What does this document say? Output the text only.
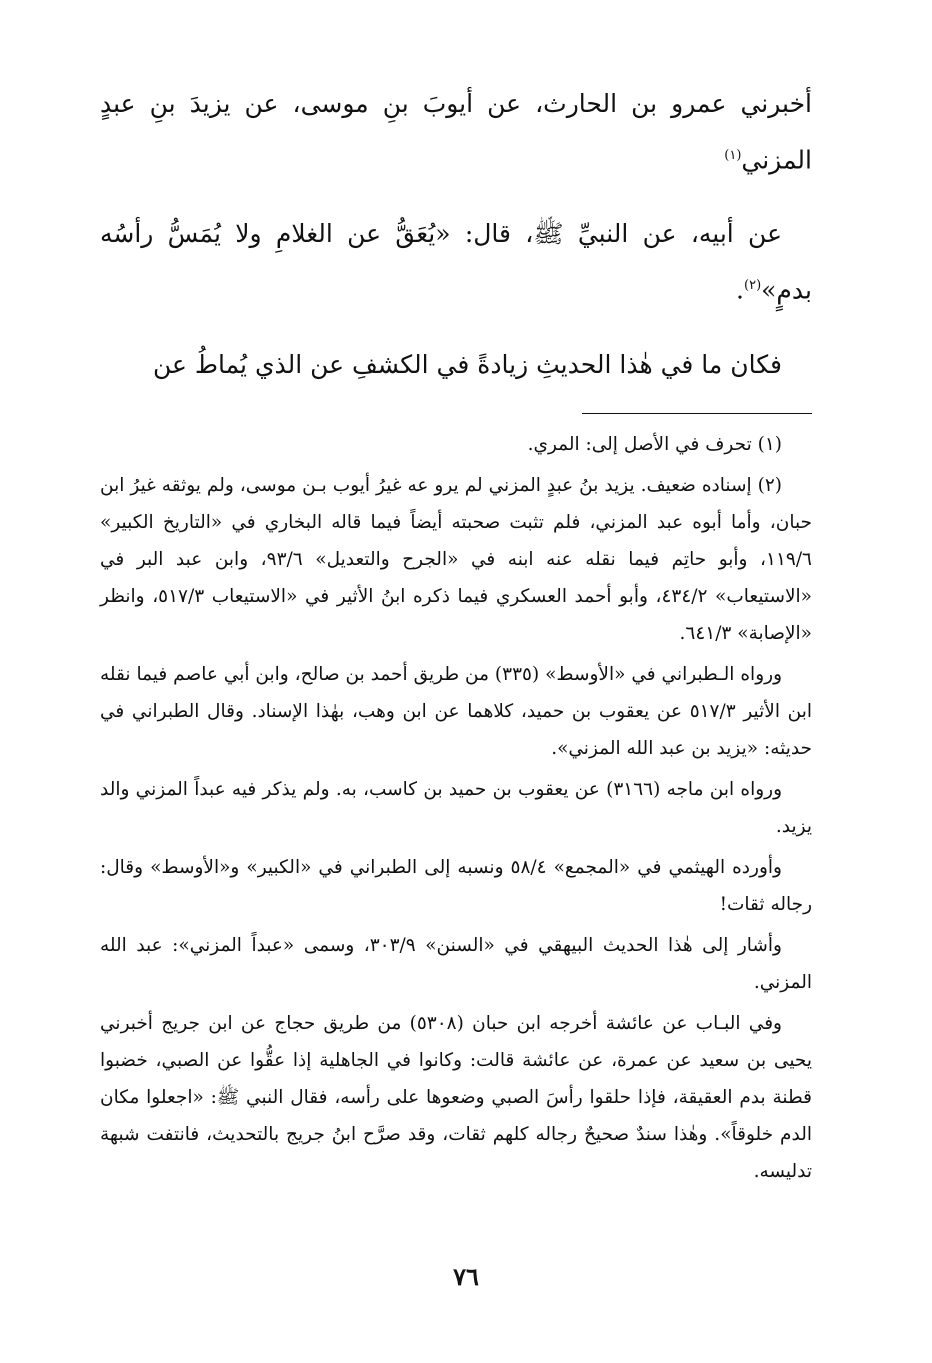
أخبرني عمرو بن الحارث، عن أيوبَ بنِ موسى، عن يزيدَ بنِ عبدٍ المزني$^{(١)}$

عن أبيه، عن النبيِّ ﷺ، قال: «يُعَقُّ عن الغلامِ ولا يُمَسُّ رأسُه بدمٍ»$^{(٢)}$.

فكان ما في هٰذا الحديثِ زيادةً في الكشفِ عن الذي يُماطُ عن

(١) تحرف في الأصل إلى: المري.

(٢) إسناده ضعيف. يزيد بنُ عبدٍ المزني لم يرو عه غيرُ أيوب بـن موسى، ولم يوثقه غيرُ ابن حبان، وأما أبوه عبد المزني، فلم تثبت صحبته أيضاً فيما قاله البخاري في «التاريخ الكبير» ١١٩/٦، وأبو حاتِم فيما نقله عنه ابنه في «الجرح والتعديل» ٩٣/٦، وابن عبد البر في «الاستيعاب» ٤٣٤/٢، وأبو أحمد العسكري فيما ذكره ابنُ الأثير في «الاستيعاب ٥١٧/٣، وانظر «الإصابة» ٦٤١/٣.

ورواه الـطبراني في «الأوسط» (٣٣٥) من طريق أحمد بن صالح، وابن أبي عاصم فيما نقله ابن الأثير ٥١٧/٣ عن يعقوب بن حميد، كلاهما عن ابن وهب، بهٰذا الإسناد. وقال الطبراني في حديثه: «يزيد بن عبد الله المزني».

ورواه ابن ماجه (٣١٦٦) عن يعقوب بن حميد بن كاسب، به. ولم يذكر فيه عبداً المزني والد يزيد.

وأورده الهيثمي في «المجمع» ٥٨/٤ ونسبه إلى الطبراني في «الكبير» و«الأوسط» وقال: رجاله ثقات!

وأشار إلى هٰذا الحديث البيهقي في «السنن» ٣٠٣/٩، وسمى «عبداً المزني»: عبد الله المزني.

وفي البـاب عن عائشة أخرجه ابن حبان (٥٣٠٨) من طريق حجاج عن ابن جريج أخبرني يحيى بن سعيد عن عمرة، عن عائشة قالت: وكانوا في الجاهلية إذا عقُّوا عن الصبي، خضبوا قطنة بدم العقيقة، فإذا حلقوا رأسَ الصبي وضعوها على رأسه، فقال النبي ﷺ: «اجعلوا مكان الدم خلوقاً». وهٰذا سندٌ صحيحٌ رجاله كلهم ثقات، وقد صرَّح ابنُ جريج بالتحديث، فانتفت شبهة تدليسه.

٧٦
